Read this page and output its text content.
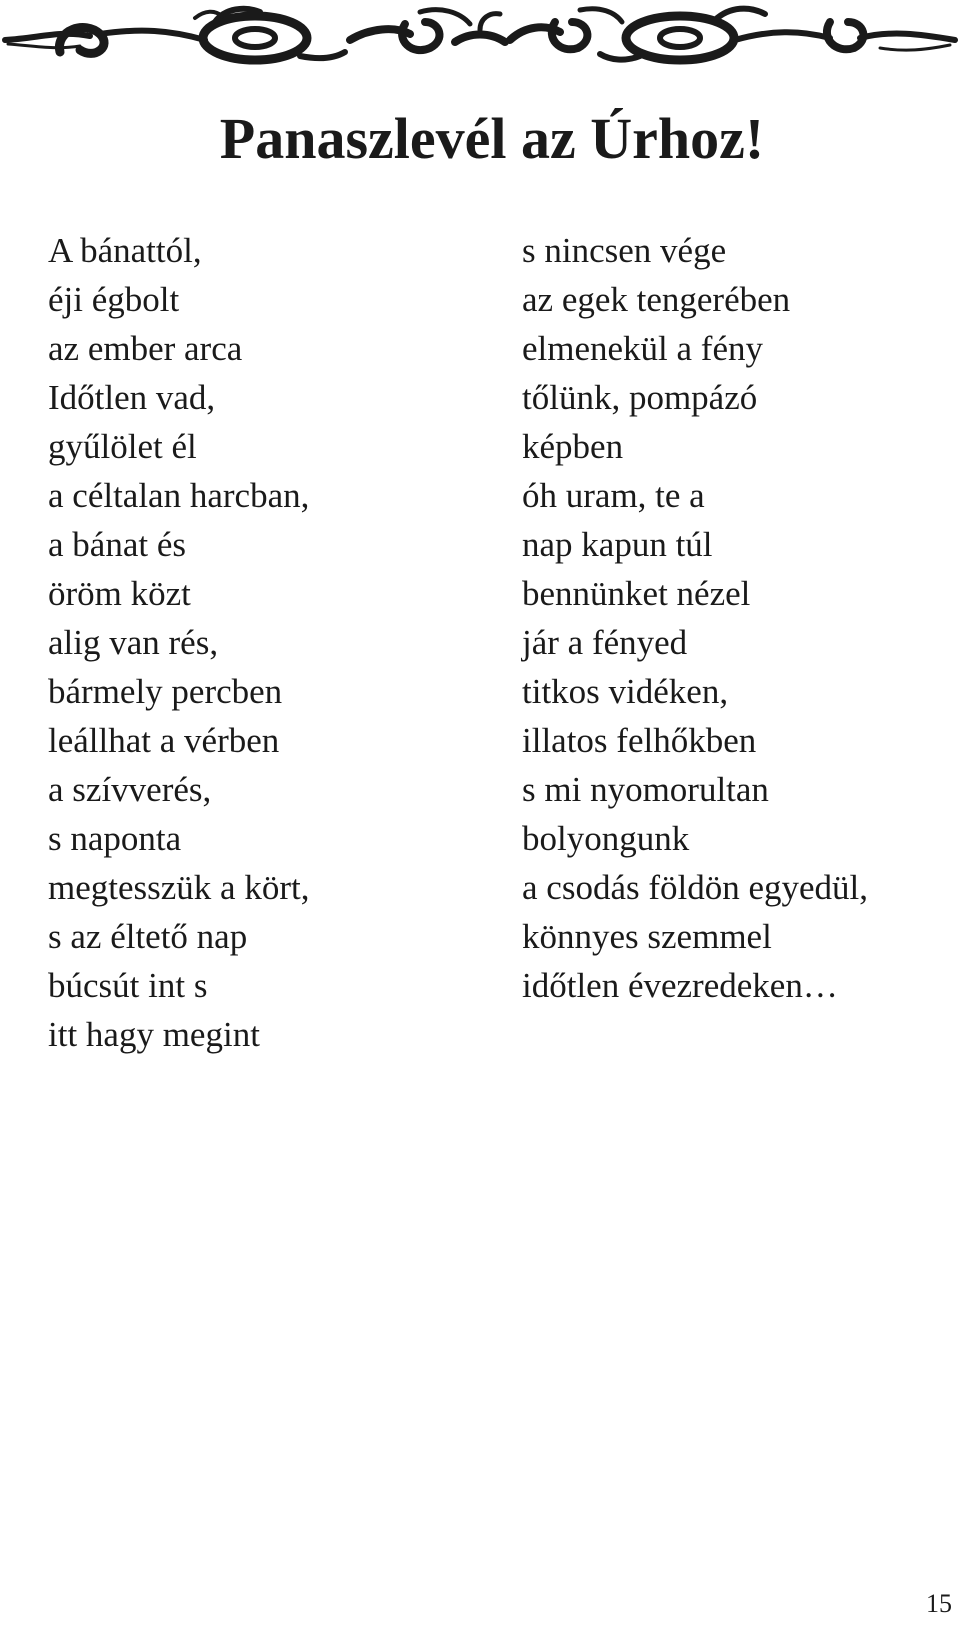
Panaszlevél az Úrhoz!
A bánattól,
éji égbolt
az ember arca
Időtlen vad,
gyűlölet él
a céltalan harcban,
a bánat és
öröm közt
alig van rés,
bármely percben
leállhat a vérben
a szívverés,
s naponta
megtesszük a kört,
s az éltető nap
búcsút int s
itt hagy megint
s nincsen vége
az egek tengerében
elmenekül a fény
tőlünk, pompázó
képben
óh uram, te a
nap kapun túl
bennünket nézel
jár a fényed
titkos vidéken,
illatos felhőkben
s mi nyomorultan
bolyongunk
a csodás földön egyedül,
könnyes szemmel
időtlen évezredeken…
15
